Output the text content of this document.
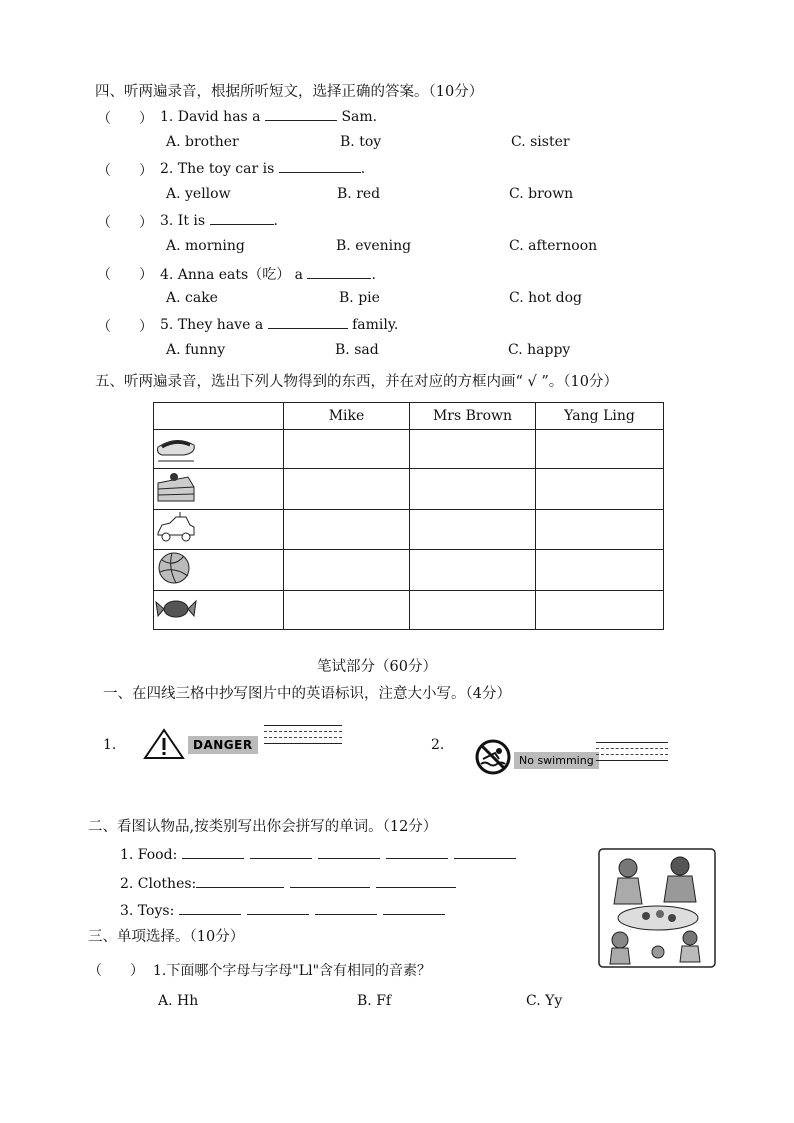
四、听两遍录音，根据所听短文，选择正确的答案。（10分）
（　　） 1. David has a	Sam.
A. brother	B. toy	C. sister
（　　） 2. The toy car is	.
A. yellow	B. red	C. brown
（　　） 3. It is	.
A. morning	B. evening	C. afternoon
（　　） 4. Anna eats（吃） a	.
A. cake	B. pie	C. hot dog
（　　） 5. They have a	family.
A. funny	B. sad	C. happy
五、听两遍录音，选出下列人物得到的东西，并在对应的方框内画“ √ ”。（10分）
	Mike	Mrs Brown	Yang Ling

笔试部分（60分）
一、在四线三格中抄写图片中的英语标识，注意大小写。（4分）
1.	DANGER	2.
No swimming
二、看图认物品,按类别写出你会拼写的单词。（12分）
1. Food:
2. Clothes:
3. Toys:
三、单项选择。（10分）
（　　） 1.下面哪个字母与字母"Ll"含有相同的音素？
A. Hh	B. Ff	C. Yy
